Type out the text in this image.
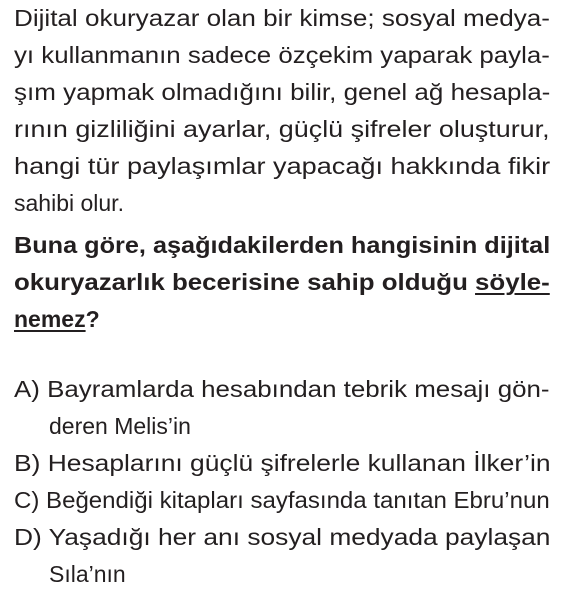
Dijital okuryazar olan bir kimse; sosyal medya-
yı kullanmanın sadece özçekim yaparak payla-
şım yapmak olmadığını bilir, genel ağ hesapla-
rının gizliliğini ayarlar, güçlü şifreler oluşturur,
hangi tür paylaşımlar yapacağı hakkında fikir
sahibi olur.
Buna göre, aşağıdakilerden hangisinin dijital
okuryazarlık becerisine sahip olduğu söyle-
nemez?
A) Bayramlarda hesabından tebrik mesajı gön-
deren Melis’in
B) Hesaplarını güçlü şifrelerle kullanan İlker’in
C) Beğendiği kitapları sayfasında tanıtan Ebru’nun
D) Yaşadığı her anı sosyal medyada paylaşan
Sıla’nın
